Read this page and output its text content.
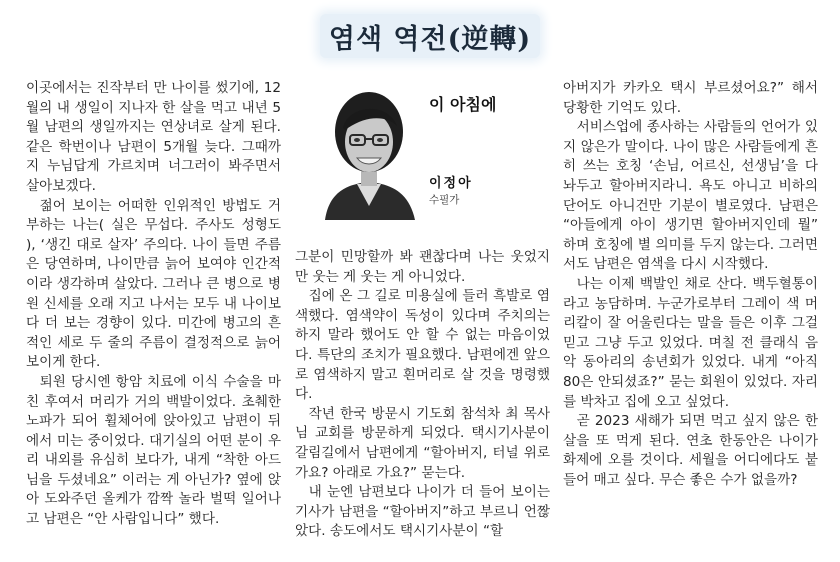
염색 역전(逆轉)

이곳에서는 진작부터 만 나이를 썼기에, 12월의 내 생일이 지나자 한 살을 먹고 내년 5월 남편의 생일까지는 연상녀로 살게 된다. 같은 학번이나 남편이 5개월 늦다. 그때까지 누님답게 가르치며 너그러이 봐주면서 살아보겠다.

젊어 보이는 어떠한 인위적인 방법도 거부하는 나는( 실은 무섭다. 주사도 성형도 ), ‘생긴 대로 살자’ 주의다. 나이 들면 주름은 당연하며, 나이만큼 늙어 보여야 인간적이라 생각하며 살았다. 그러나 큰 병으로 병원 신세를 오래 지고 나서는 모두 내 나이보다 더 보는 경향이 있다. 미간에 병고의 흔적인 세로 두 줄의 주름이 결정적으로 늙어 보이게 한다.

퇴원 당시엔 항암 치료에 이식 수술을 마친 후여서 머리가 거의 백발이었다. 초췌한 노파가 되어 휠체어에 앉아있고 남편이 뒤에서 미는 중이었다. 대기실의 어떤 분이 우리 내외를 유심히 보다가, 내게 “착한 아드님을 두셨네요” 이러는 게 아닌가? 옆에 앉아 도와주던 올케가 깜짝 놀라 벌떡 일어나고 남편은 “안 사람입니다” 했다.

이 아침에
이정아
수필가

그분이 민망할까 봐 괜찮다며 나는 웃었지만 웃는 게 웃는 게 아니었다.

집에 온 그 길로 미용실에 들러 흑발로 염색했다. 염색약이 독성이 있다며 주치의는 하지 말라 했어도 안 할 수 없는 마음이었다. 특단의 조치가 필요했다. 남편에겐 앞으로 염색하지 말고 흰머리로 살 것을 명령했다.

작년 한국 방문시 기도회 참석차 최 목사님 교회를 방문하게 되었다. 택시기사분이 갈림길에서 남편에게 “할아버지, 터널 위로 가요? 아래로 가요?” 묻는다.

내 눈엔 남편보다 나이가 더 들어 보이는 기사가 남편을 “할아버지”하고 부르니 언짢았다. 송도에서도 택시기사분이 “할

아버지가 카카오 택시 부르셨어요?” 해서 당황한 기억도 있다.

서비스업에 종사하는 사람들의 언어가 있지 않은가 말이다. 나이 많은 사람들에게 흔히 쓰는 호칭 ‘손님, 어르신, 선생님’을 다 놔두고 할아버지라니. 욕도 아니고 비하의 단어도 아니건만 기분이 별로였다. 남편은 “아들에게 아이 생기면 할아버지인데 뭘” 하며 호칭에 별 의미를 두지 않는다. 그러면서도 남편은 염색을 다시 시작했다.

나는 이제 백발인 채로 산다. 백두혈통이라고 농담하며. 누군가로부터 그레이 색 머리칼이 잘 어울린다는 말을 들은 이후 그걸 믿고 그냥 두고 있었다. 며칠 전 클래식 음악 동아리의 송년회가 있었다. 내게 “아직 80은 안되셨죠?” 묻는 회원이 있었다. 자리를 박차고 집에 오고 싶었다.

곧 2023 새해가 되면 먹고 싶지 않은 한 살을 또 먹게 된다. 연초 한동안은 나이가 화제에 오를 것이다. 세월을 어디에다도 붙들어 매고 싶다. 무슨 좋은 수가 없을까?
